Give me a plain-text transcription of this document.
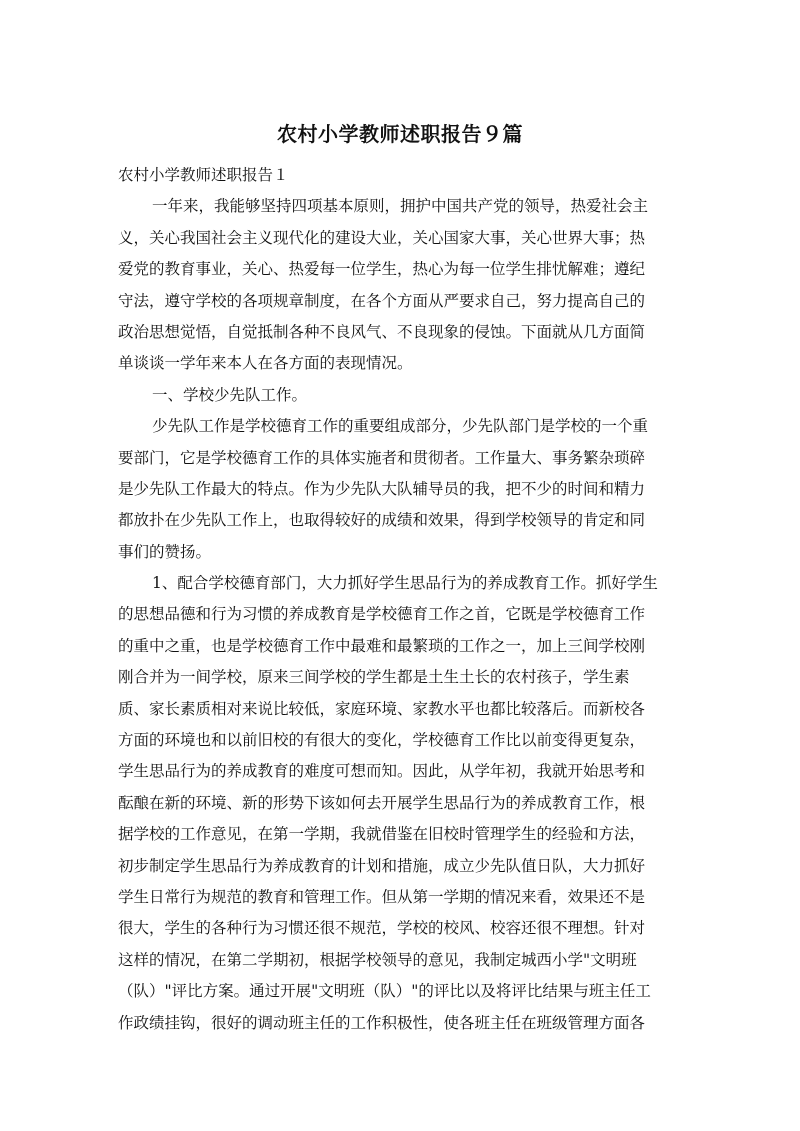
农村小学教师述职报告９篇
农村小学教师述职报告１
一年来，我能够坚持四项基本原则，拥护中国共产党的领导，热爱社会主
义，关心我国社会主义现代化的建设大业，关心国家大事，关心世界大事；热
爱党的教育事业，关心、热爱每一位学生，热心为每一位学生排忧解难；遵纪
守法，遵守学校的各项规章制度，在各个方面从严要求自己，努力提高自己的
政治思想觉悟，自觉抵制各种不良风气、不良现象的侵蚀。下面就从几方面简
单谈谈一学年来本人在各方面的表现情况。
一、学校少先队工作。
少先队工作是学校德育工作的重要组成部分，少先队部门是学校的一个重
要部门，它是学校德育工作的具体实施者和贯彻者。工作量大、事务繁杂琐碎
是少先队工作最大的特点。作为少先队大队辅导员的我，把不少的时间和精力
都放扑在少先队工作上，也取得较好的成绩和效果，得到学校领导的肯定和同
事们的赞扬。
1、配合学校德育部门，大力抓好学生思品行为的养成教育工作。抓好学生
的思想品德和行为习惯的养成教育是学校德育工作之首，它既是学校德育工作
的重中之重，也是学校德育工作中最难和最繁琐的工作之一，加上三间学校刚
刚合并为一间学校，原来三间学校的学生都是土生土长的农村孩子，学生素
质、家长素质相对来说比较低，家庭环境、家教水平也都比较落后。而新校各
方面的环境也和以前旧校的有很大的变化，学校德育工作比以前变得更复杂，
学生思品行为的养成教育的难度可想而知。因此，从学年初，我就开始思考和
酝酿在新的环境、新的形势下该如何去开展学生思品行为的养成教育工作，根
据学校的工作意见，在第一学期，我就借鉴在旧校时管理学生的经验和方法，
初步制定学生思品行为养成教育的计划和措施，成立少先队值日队，大力抓好
学生日常行为规范的教育和管理工作。但从第一学期的情况来看，效果还不是
很大，学生的各种行为习惯还很不规范，学校的校风、校容还很不理想。针对
这样的情况，在第二学期初，根据学校领导的意见，我制定城西小学"文明班
（队）"评比方案。通过开展"文明班（队）"的评比以及将评比结果与班主任工
作政绩挂钩，很好的调动班主任的工作积极性，使各班主任在班级管理方面各
